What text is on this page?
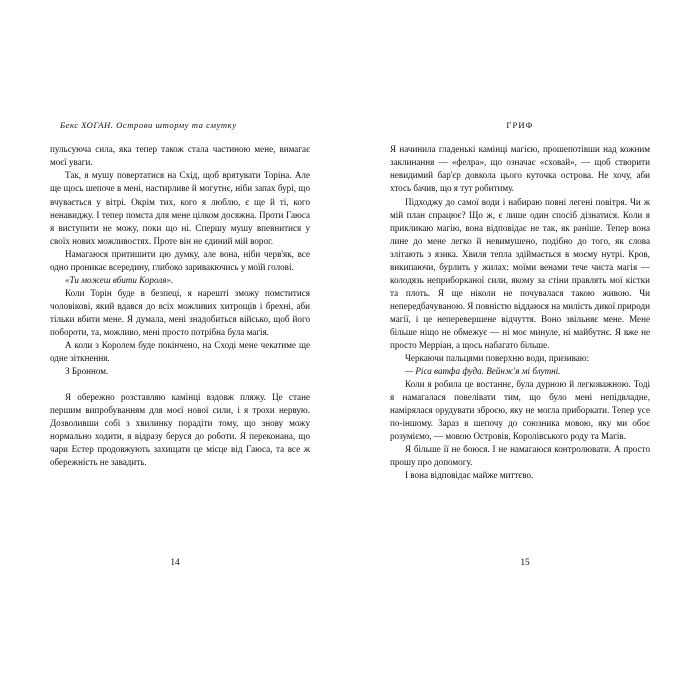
Бекс ХОГАН. Острови шторму та смутку

пульсуюча сила, яка тепер також стала частиною мене, вимагає моєї уваги.

Так, я мушу повертатися на Схід, щоб врятувати Торіна. Але ще щось шепоче в мені, настирливе й могутнє, ніби запах бурі, що вчувається у вітрі. Окрім тих, кого я люблю, є ще й ті, кого ненавиджу. І тепер помста для мене цілком досяжна. Проти Гаюса я виступити не можу, поки що ні. Спершу мушу впевнитися у своїх нових можливостях. Проте він не єдиний мій ворог.

Намагаюся притишити цю думку, але вона, ніби черв'як, все одно проникає всередину, глибоко заривакючись у моїй голові.

«Ти можеш вбити Короля».

Коли Торін буде в безпеці, я нарешті зможу помститися чоловікові, який вдався до всіх можливих хитрощів і брехні, аби тільки вбити мене. Я думала, мені знадобиться військо, щоб його побороти, та, можливо, мені просто потрібна була магія.

А коли з Королем буде покінчено, на Сході мене чекатиме ще одне зіткнення.

З Бронном.

Я обережно розставляю камінці вздовж пляжу. Це стане першим випробуванням для моєї нової сили, і я трохи нервую. Дозволивши собі з хвилинку порадіти тому, що знову можу нормально ходити, я відразу беруся до роботи. Я переконана, що чари Естер продовжують захищати це місце від Гаюса, та все ж обережність не завадить.

14
ГРИФ

Я начинила гладенькі камінці магією, прошепотівши над кожним заклинання — «фелра», що означає «сховай», — щоб створити невидимий бар'єр довкола цього куточка острова. Не хочу, аби хтось бачив, що я тут робитиму.

Підходжу до самої води і набираю повні легені повітря. Чи ж мій план спрацює? Що ж, є лише один спосіб дізнатися. Коли я прикликаю магію, вона відповідає не так, як раніше. Тепер вона лине до мене легко й невимушено, подібно до того, як слова злітають з язика. Хвиля тепла здіймається в моєму нутрі. Кров, википаючи, бурлить у жилах: моїми венами тече чиста магія — колодязь неприборканої сили, якому за стіни правлять мої кістки та плоть. Я ще ніколи не почувалася такою живою. Чи непередбачуваною. Я повністю віддаюся на милість дикої природи магії, і це неперевершене відчуття. Воно звільняє мене. Мене більше ніщо не обмежує — ні моє минуле, ні майбутнє. Я вже не просто Мерріан, а щось набагато більше.

Черкаючи пальцями поверхню води, призиваю:

— Ріса ватфа фуда. Вейнж'я мі блутні.

Коли я робила це востаннє, була дурною й легковажною. Тоді я намагалася повелівати тим, що було мені непідвладне, намірялася орудувати зброєю, яку не могла приборкати. Тепер усе по-іншому. Зараз я шепочу до союзника мовою, яку ми обоє розуміємо, — мовою Островів, Королівського роду та Магів.

Я більше її не боюся. І не намагаюся контролювати. А просто прошу про допомогу.

І вона відповідає майже миттєво.

15
